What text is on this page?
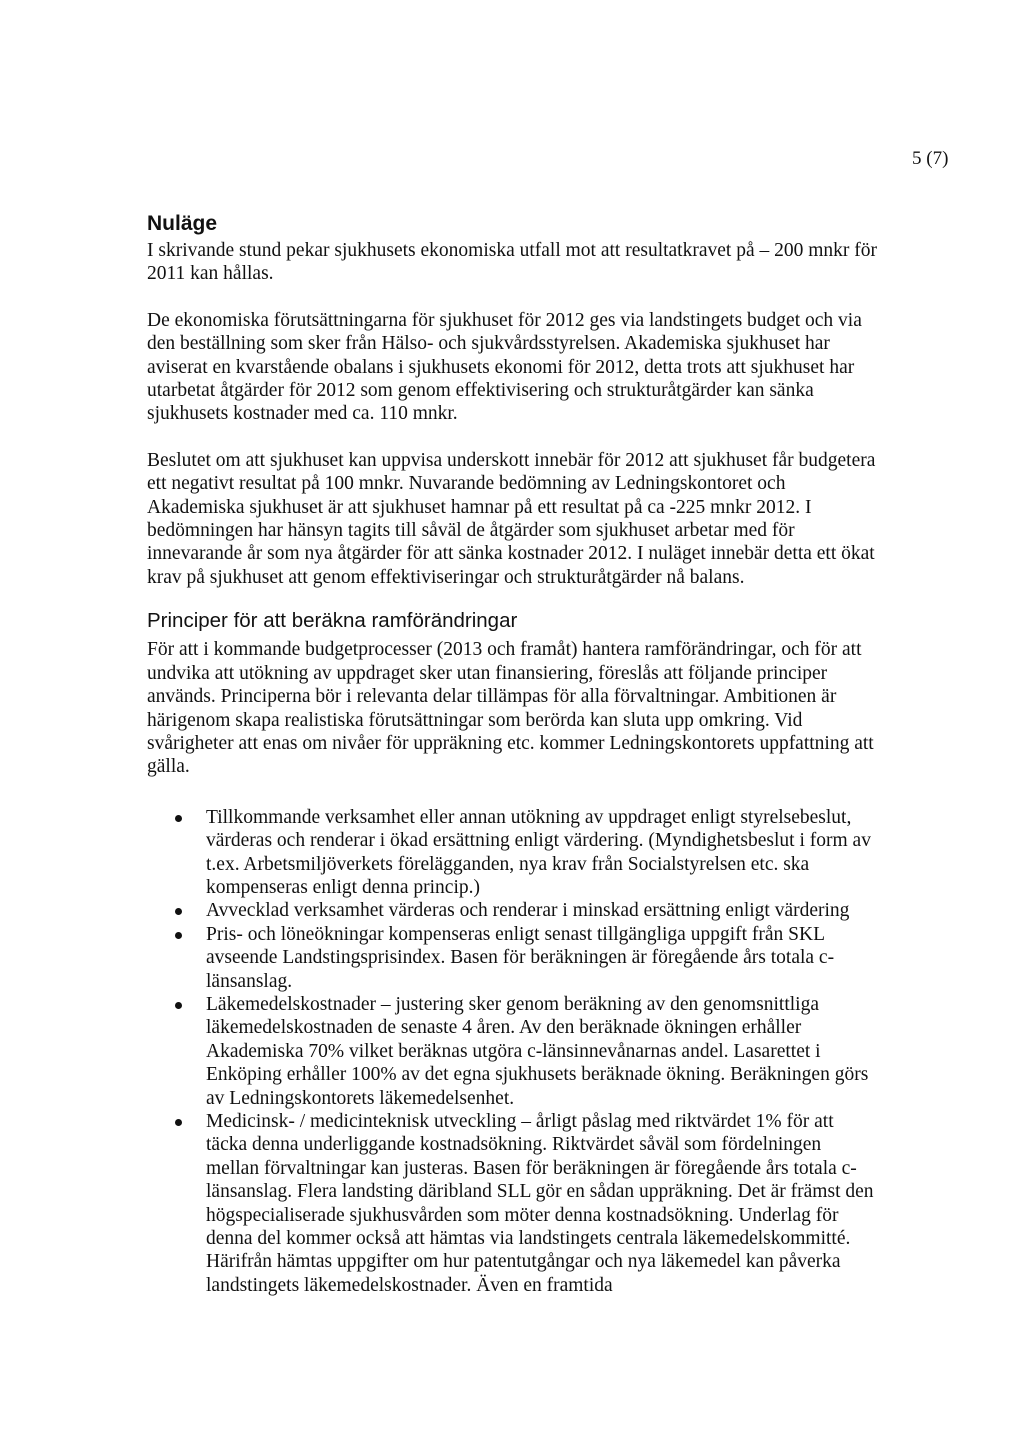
5 (7)
Nuläge

I skrivande stund pekar sjukhusets ekonomiska utfall mot att resultatkravet på – 200 mnkr för 2011 kan hållas.

De ekonomiska förutsättningarna för sjukhuset för 2012 ges via landstingets budget och via den beställning som sker från Hälso- och sjukvårdsstyrelsen. Akademiska sjukhuset har aviserat en kvarstående obalans i sjukhusets ekonomi för 2012, detta trots att sjukhuset har utarbetat åtgärder för 2012 som genom effektivisering och strukturåtgärder kan sänka sjukhusets kostnader med ca. 110 mnkr.

Beslutet om att sjukhuset kan uppvisa underskott innebär för 2012 att sjukhuset får budgetera ett negativt resultat på 100 mnkr. Nuvarande bedömning av Ledningskontoret och Akademiska sjukhuset är att sjukhuset hamnar på ett resultat på ca -225 mnkr 2012. I bedömningen har hänsyn tagits till såväl de åtgärder som sjukhuset arbetar med för innevarande år som nya åtgärder för att sänka kostnader 2012. I nuläget innebär detta ett ökat krav på sjukhuset att genom effektiviseringar och strukturåtgärder nå balans.

Principer för att beräkna ramförändringar

För att i kommande budgetprocesser (2013 och framåt) hantera ramförändringar, och för att undvika att utökning av uppdraget sker utan finansiering, föreslås att följande principer används. Principerna bör i relevanta delar tillämpas för alla förvaltningar. Ambitionen är härigenom skapa realistiska förutsättningar som berörda kan sluta upp omkring. Vid svårigheter att enas om nivåer för uppräkning etc. kommer Ledningskontorets uppfattning att gälla.

Tillkommande verksamhet eller annan utökning av uppdraget enligt styrelsebeslut, värderas och renderar i ökad ersättning enligt värdering. (Myndighetsbeslut i form av t.ex. Arbetsmiljöverkets förelägganden, nya krav från Socialstyrelsen etc. ska kompenseras enligt denna princip.)
Avvecklad verksamhet värderas och renderar i minskad ersättning enligt värdering
Pris- och löneökningar kompenseras enligt senast tillgängliga uppgift från SKL avseende Landstingsprisindex. Basen för beräkningen är föregående års totala c-länsanslag.
Läkemedelskostnader – justering sker genom beräkning av den genomsnittliga läkemedelskostnaden de senaste 4 åren. Av den beräknade ökningen erhåller Akademiska 70% vilket beräknas utgöra c-länsinnevånarnas andel. Lasarettet i Enköping erhåller 100% av det egna sjukhusets beräknade ökning. Beräkningen görs av Ledningskontorets läkemedelsenhet.
Medicinsk- / medicinteknisk utveckling – årligt påslag med riktvärdet 1% för att täcka denna underliggande kostnadsökning. Riktvärdet såväl som fördelningen mellan förvaltningar kan justeras. Basen för beräkningen är föregående års totala c-länsanslag. Flera landsting däribland SLL gör en sådan uppräkning. Det är främst den högspecialiserade sjukhusvården som möter denna kostnadsökning. Underlag för denna del kommer också att hämtas via landstingets centrala läkemedelskommitté. Härifrån hämtas uppgifter om hur patentutgångar och nya läkemedel kan påverka landstingets läkemedelskostnader. Även en framtida
